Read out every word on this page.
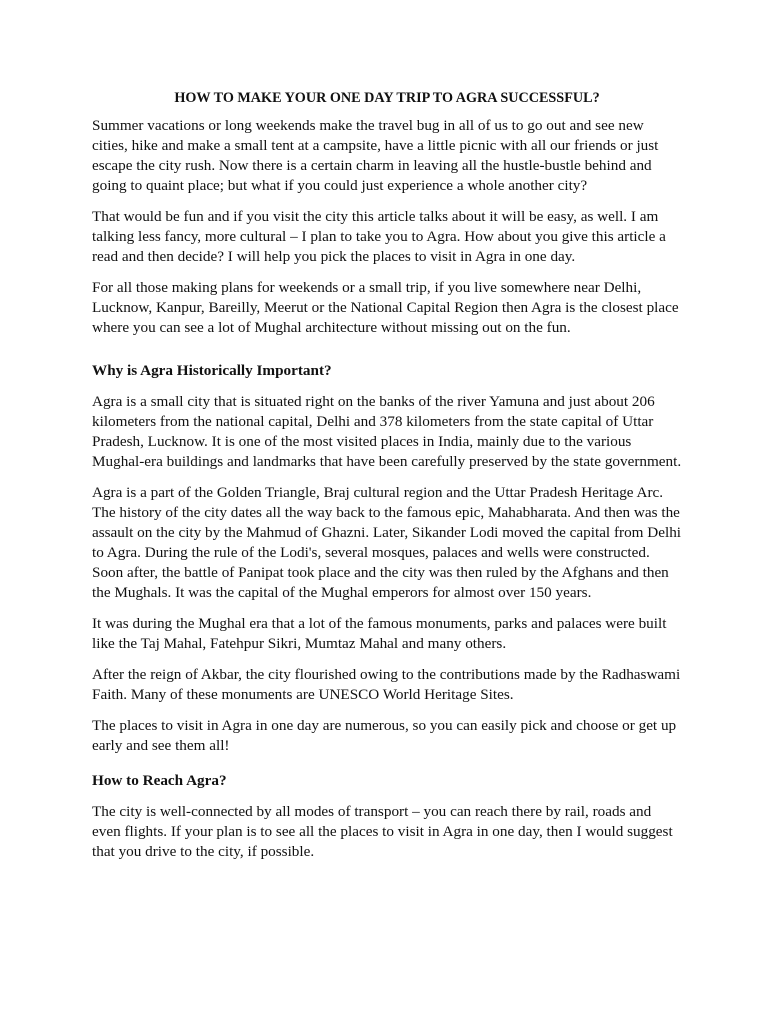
HOW TO MAKE YOUR ONE DAY TRIP TO AGRA SUCCESSFUL?

Summer vacations or long weekends make the travel bug in all of us to go out and see new cities, hike and make a small tent at a campsite, have a little picnic with all our friends or just escape the city rush. Now there is a certain charm in leaving all the hustle-bustle behind and going to quaint place; but what if you could just experience a whole another city?

That would be fun and if you visit the city this article talks about it will be easy, as well. I am talking less fancy, more cultural – I plan to take you to Agra. How about you give this article a read and then decide? I will help you pick the places to visit in Agra in one day.

For all those making plans for weekends or a small trip, if you live somewhere near Delhi, Lucknow, Kanpur, Bareilly, Meerut or the National Capital Region then Agra is the closest place where you can see a lot of Mughal architecture without missing out on the fun.

Why is Agra Historically Important?

Agra is a small city that is situated right on the banks of the river Yamuna and just about 206 kilometers from the national capital, Delhi and 378 kilometers from the state capital of Uttar Pradesh, Lucknow. It is one of the most visited places in India, mainly due to the various Mughal-era buildings and landmarks that have been carefully preserved by the state government.

Agra is a part of the Golden Triangle, Braj cultural region and the Uttar Pradesh Heritage Arc. The history of the city dates all the way back to the famous epic, Mahabharata. And then was the assault on the city by the Mahmud of Ghazni. Later, Sikander Lodi moved the capital from Delhi to Agra. During the rule of the Lodi's, several mosques, palaces and wells were constructed. Soon after, the battle of Panipat took place and the city was then ruled by the Afghans and then the Mughals. It was the capital of the Mughal emperors for almost over 150 years.

It was during the Mughal era that a lot of the famous monuments, parks and palaces were built like the Taj Mahal, Fatehpur Sikri, Mumtaz Mahal and many others.

After the reign of Akbar, the city flourished owing to the contributions made by the Radhaswami Faith. Many of these monuments are UNESCO World Heritage Sites.

The places to visit in Agra in one day are numerous, so you can easily pick and choose or get up early and see them all!

How to Reach Agra?

The city is well-connected by all modes of transport – you can reach there by rail, roads and even flights. If your plan is to see all the places to visit in Agra in one day, then I would suggest that you drive to the city, if possible.
